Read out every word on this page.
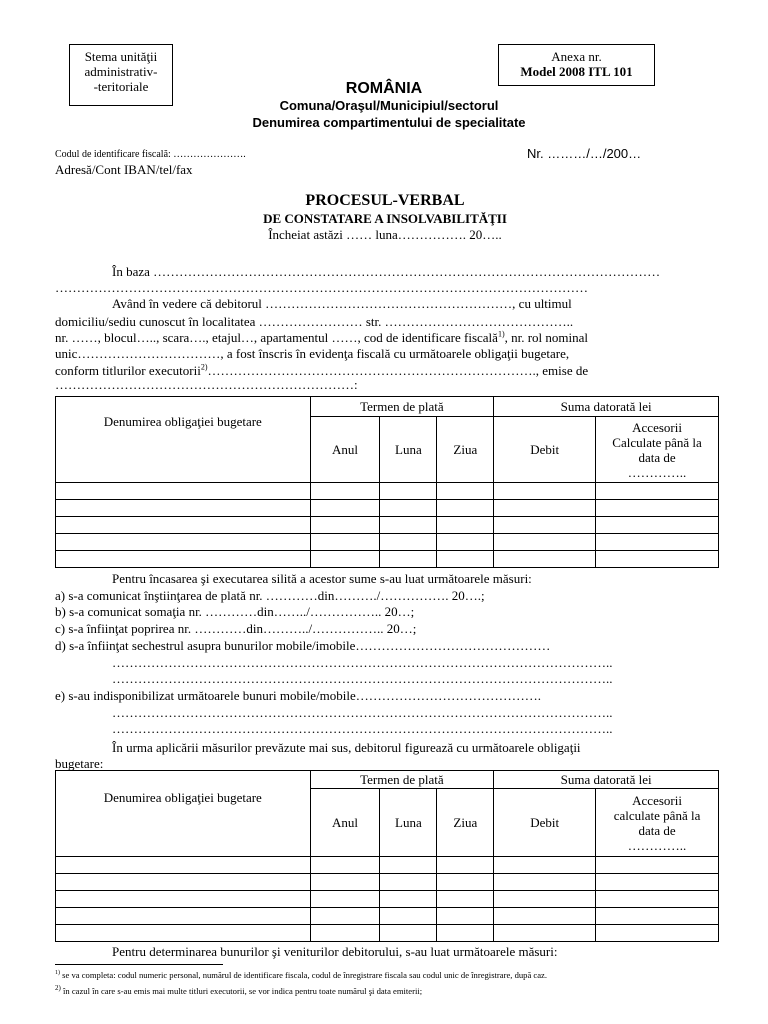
Stema unităţii
administrativ-
-teritoriale
Anexa nr.
Model 2008 ITL 101
ROMÂNIA
Comuna/Oraşul/Municipiul/sectorul
Denumirea compartimentului de specialitate
Codul de identificare fiscală: ………………….	Nr. ………/…/200…
Adresă/Cont IBAN/tel/fax
PROCESUL-VERBAL
DE CONSTATARE A INSOLVABILITĂŢII
Încheiat astăzi …… luna……………. 20…..
În baza ………………………………………………………………………………………………………
……………………………………………………………………………………………………………
Având în vedere că debitorul …………………………………………………, cu ultimul
domiciliu/sediu cunoscut în localitatea …………………… str. ……………………………………..
nr. ……, blocul….., scara…., etajul…, apartamentul ……, cod de identificare fiscală$^{1)}$, nr. rol nominal
unic……………………………, a fost înscris în evidenţa fiscală cu următoarele obligaţii bugetare,
conform titlurilor executorii$^{2)}$…………………………………………………………………., emise de
……………………………………………………………:
Denumirea obligaţiei bugetare	Termen de plată			Suma datorată lei	
	Anul	Luna	Ziua	Debit	Accesorii
Calculate până la
data de
…………..

Pentru încasarea şi executarea silită a acestor sume s-au luat următoarele măsuri:
a) s-a comunicat înştiinţarea de plată nr. …………din………./……………. 20….;
b) s-a comunicat somaţia nr. …………din……../…………….. 20…;
c) s-a înfiinţat poprirea nr. …………din………../…………….. 20…;
d) s-a înfiinţat sechestrul asupra bunurilor mobile/imobile………………………………………
……………………………………………………………………………………………………..
……………………………………………………………………………………………………..
e) s-au indisponibilizat următoarele bunuri mobile/mobile…………………………………….
……………………………………………………………………………………………………..
……………………………………………………………………………………………………..
În urma aplicării măsurilor prevăzute mai sus, debitorul figurează cu următoarele obligaţii
bugetare:
Denumirea obligaţiei bugetare	Termen de plată			Suma datorată lei	
	Anul	Luna	Ziua	Debit	Accesorii
calculate până la
data de
…………..

Pentru determinarea bunurilor şi veniturilor debitorului, s-au luat următoarele măsuri:
$^{1)}$ se va completa: codul numeric personal, numărul de identificare fiscala, codul de înregistrare fiscala sau codul unic de înregistrare, după caz.
$^{2)}$ în cazul în care s-au emis mai multe titluri executorii, se vor indica pentru toate numărul şi data emiterii;
